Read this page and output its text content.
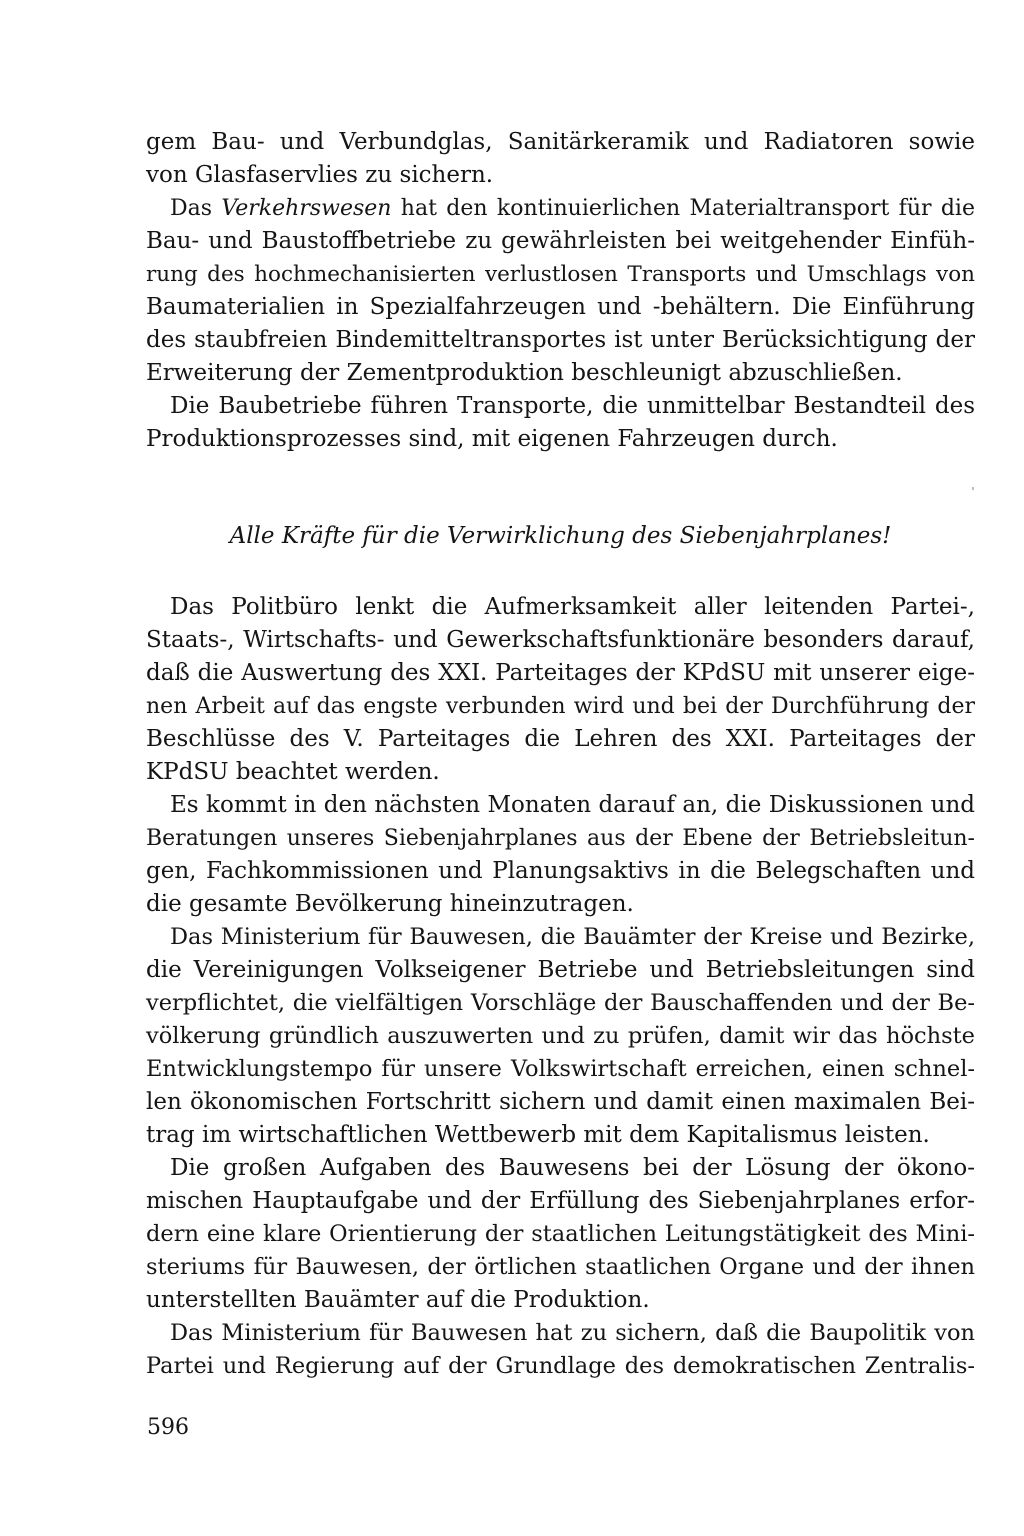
gem Bau- und Verbundglas, Sanitärkeramik und Radiatoren sowie
von Glasfaservlies zu sichern.
Das Verkehrswesen hat den kontinuierlichen Materialtransport für die
Bau- und Baustoffbetriebe zu gewährleisten bei weitgehender Einfüh-
rung des hochmechanisierten verlustlosen Transports und Umschlags von
Baumaterialien in Spezialfahrzeugen und -behältern. Die Einführung
des staubfreien Bindemitteltransportes ist unter Berücksichtigung der
Erweiterung der Zementproduktion beschleunigt abzuschließen.
Die Baubetriebe führen Transporte, die unmittelbar Bestandteil des
Produktionsprozesses sind, mit eigenen Fahrzeugen durch.
Alle Kräfte für die Verwirklichung des Siebenjahrplanes!
Das Politbüro lenkt die Aufmerksamkeit aller leitenden Partei-,
Staats-, Wirtschafts- und Gewerkschaftsfunktionäre besonders darauf,
daß die Auswertung des XXI. Parteitages der KPdSU mit unserer eige-
nen Arbeit auf das engste verbunden wird und bei der Durchführung der
Beschlüsse des V. Parteitages die Lehren des XXI. Parteitages der
KPdSU beachtet werden.
Es kommt in den nächsten Monaten darauf an, die Diskussionen und
Beratungen unseres Siebenjahrplanes aus der Ebene der Betriebsleitun-
gen, Fachkommissionen und Planungsaktivs in die Belegschaften und
die gesamte Bevölkerung hineinzutragen.
Das Ministerium für Bauwesen, die Bauämter der Kreise und Bezirke,
die Vereinigungen Volkseigener Betriebe und Betriebsleitungen sind
verpflichtet, die vielfältigen Vorschläge der Bauschaffenden und der Be-
völkerung gründlich auszuwerten und zu prüfen, damit wir das höchste
Entwicklungstempo für unsere Volkswirtschaft erreichen, einen schnel-
len ökonomischen Fortschritt sichern und damit einen maximalen Bei-
trag im wirtschaftlichen Wettbewerb mit dem Kapitalismus leisten.
Die großen Aufgaben des Bauwesens bei der Lösung der ökono-
mischen Hauptaufgabe und der Erfüllung des Siebenjahrplanes erfor-
dern eine klare Orientierung der staatlichen Leitungstätigkeit des Mini-
steriums für Bauwesen, der örtlichen staatlichen Organe und der ihnen
unterstellten Bauämter auf die Produktion.
Das Ministerium für Bauwesen hat zu sichern, daß die Baupolitik von
Partei und Regierung auf der Grundlage des demokratischen Zentralis-
596
